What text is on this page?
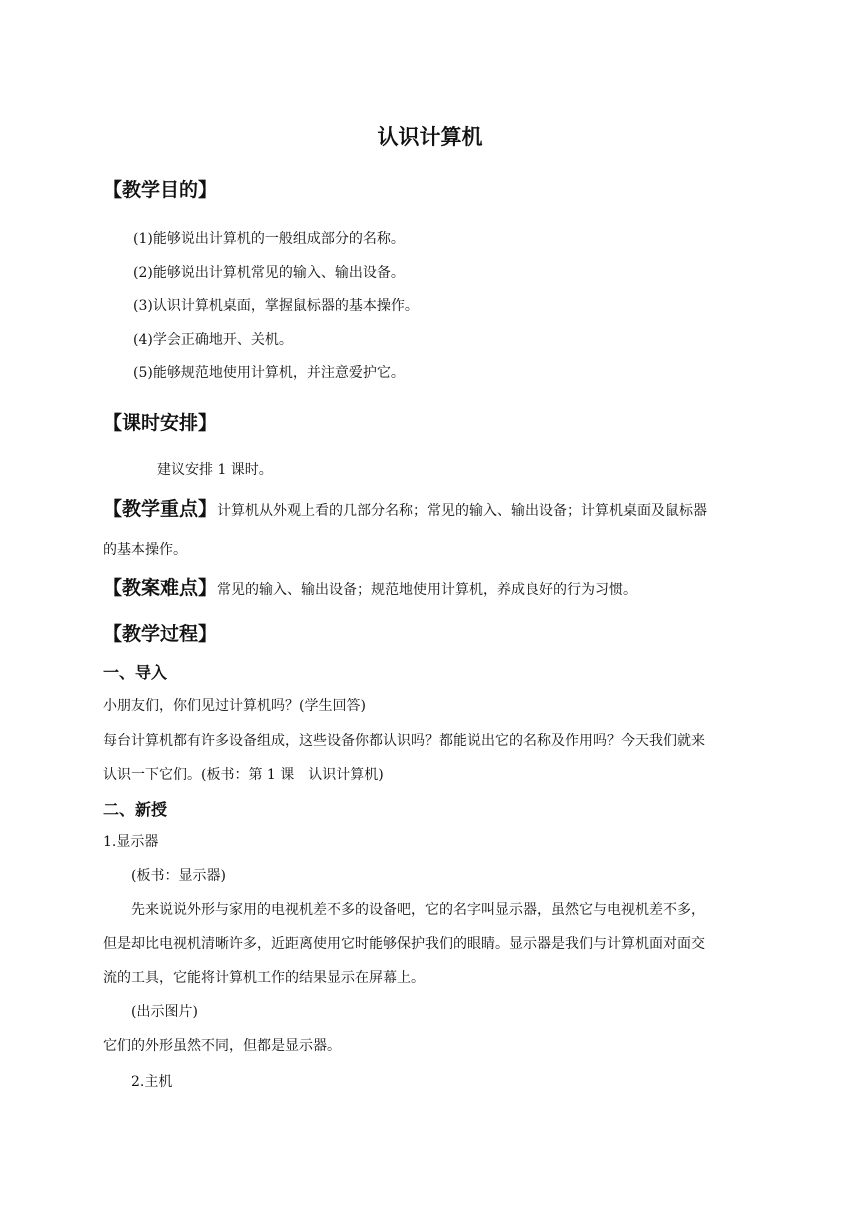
认识计算机
【教学目的】
(1)能够说出计算机的一般组成部分的名称。
(2)能够说出计算机常见的输入、输出设备。
(3)认识计算机桌面，掌握鼠标器的基本操作。
(4)学会正确地开、关机。
(5)能够规范地使用计算机，并注意爱护它。
【课时安排】
建议安排 1 课时。
【教学重点】计算机从外观上看的几部分名称；常见的输入、输出设备；计算机桌面及鼠标器
的基本操作。
【教案难点】常见的输入、输出设备；规范地使用计算机，养成良好的行为习惯。
【教学过程】
一、导入
小朋友们，你们见过计算机吗？(学生回答)
每台计算机都有许多设备组成，这些设备你都认识吗？都能说出它的名称及作用吗？今天我们就来
认识一下它们。(板书：第 1 课　认识计算机)
二、新授
1.显示器
(板书：显示器)
先来说说外形与家用的电视机差不多的设备吧，它的名字叫显示器，虽然它与电视机差不多，
但是却比电视机清晰许多，近距离使用它时能够保护我们的眼睛。显示器是我们与计算机面对面交
流的工具，它能将计算机工作的结果显示在屏幕上。
(出示图片)
它们的外形虽然不同，但都是显示器。
2.主机
